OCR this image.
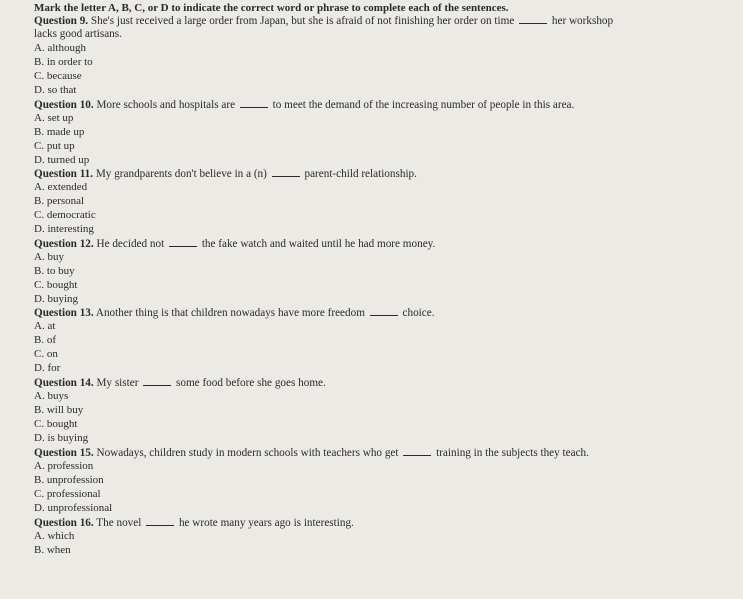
Mark the letter A, B, C, or D to indicate the correct word or phrase to complete each of the sentences.
Question 9. She's just received a large order from Japan, but she is afraid of not finishing her order on time	her workshop
lacks good artisans.
A. although
B. in order to
C. because
D. so that
Question 10. More schools and hospitals are	to meet the demand of the increasing number of people in this area.
A. set up
B. made up
C. put up
D. turned up
Question 11. My grandparents don't believe in a (n)	parent-child relationship.
A. extended
B. personal
C. democratic
D. interesting
Question 12. He decided not	the fake watch and waited until he had more money.
A. buy
B. to buy
C. bought
D. buying
Question 13. Another thing is that children nowadays have more freedom	choice.
A. at
B. of
C. on
D. for
Question 14. My sister	some food before she goes home.
A. buys
B. will buy
C. bought
D. is buying
Question 15. Nowadays, children study in modern schools with teachers who get	training in the subjects they teach.
A. profession
B. unprofession
C. professional
D. unprofessional
Question 16. The novel	he wrote many years ago is interesting.
A. which
B. when
